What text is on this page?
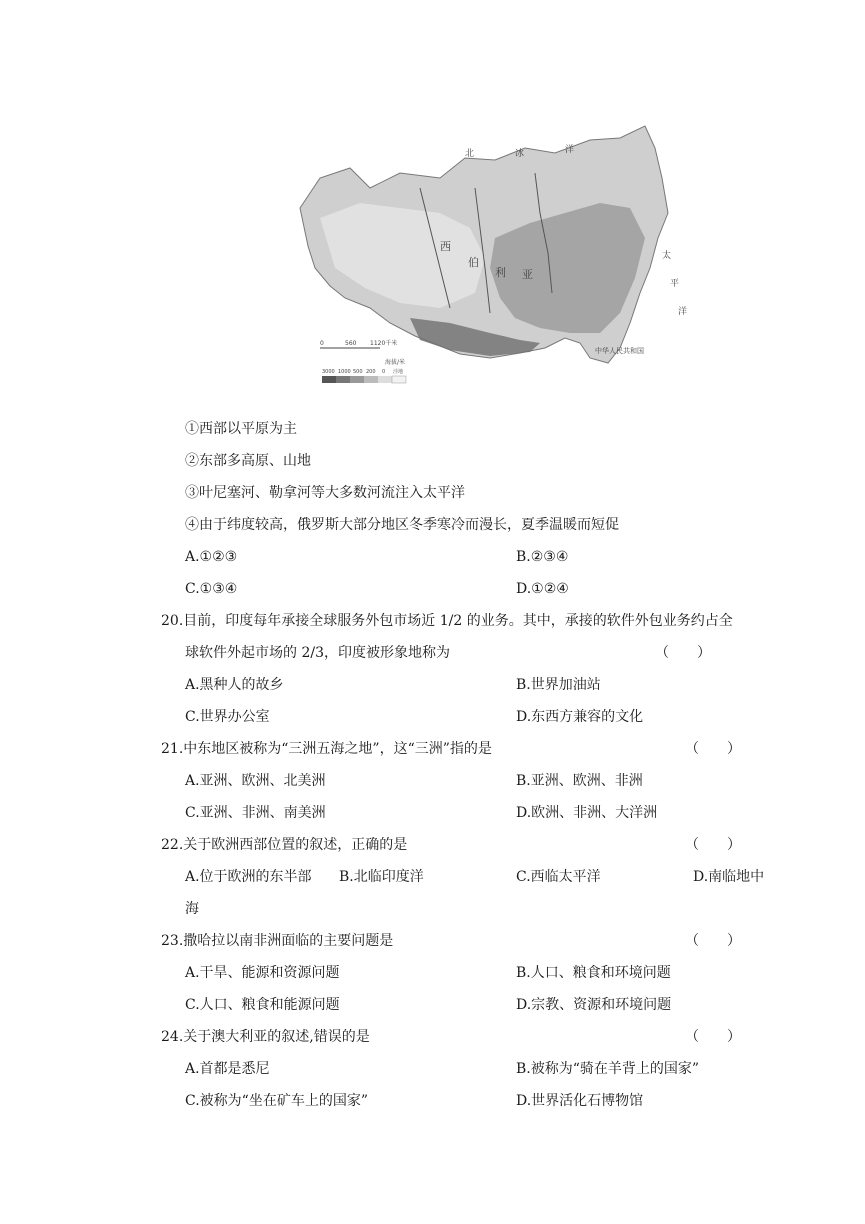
北	冰	洋
西
伯
利 亚
太
平
洋
中华人民共和国
0	560 1120千米
海拔/米
3000 1000 500 200 0 洼地
①西部以平原为主
②东部多高原、山地
③叶尼塞河、勒拿河等大多数河流注入太平洋
④由于纬度较高，俄罗斯大部分地区冬季寒冷而漫长，夏季温暖而短促
A.①②③	B.②③④
C.①③④	D.①②④
20.目前，印度每年承接全球服务外包市场近 1/2 的业务。其中，承接的软件外包业务约占全
球软件外起市场的 2/3，印度被形象地称为	（　　）
A.黑种人的故乡	B.世界加油站
C.世界办公室	D.东西方兼容的文化
21.中东地区被称为“三洲五海之地”，这“三洲”指的是	（　　）
A.亚洲、欧洲、北美洲	B.亚洲、欧洲、非洲
C.亚洲、非洲、南美洲	D.欧洲、非洲、大洋洲
22.关于欧洲西部位置的叙述，正确的是	（　　）
A.位于欧洲的东半部 B.北临印度洋	C.西临太平洋	D.南临地中
海
23.撒哈拉以南非洲面临的主要问题是	（　　）
A.干旱、能源和资源问题	B.人口、粮食和环境问题
C.人口、粮食和能源问题	D.宗教、资源和环境问题
24.关于澳大利亚的叙述,错误的是	（　　）
A.首都是悉尼	B.被称为“骑在羊背上的国家”
C.被称为“坐在矿车上的国家”	D.世界活化石博物馆
